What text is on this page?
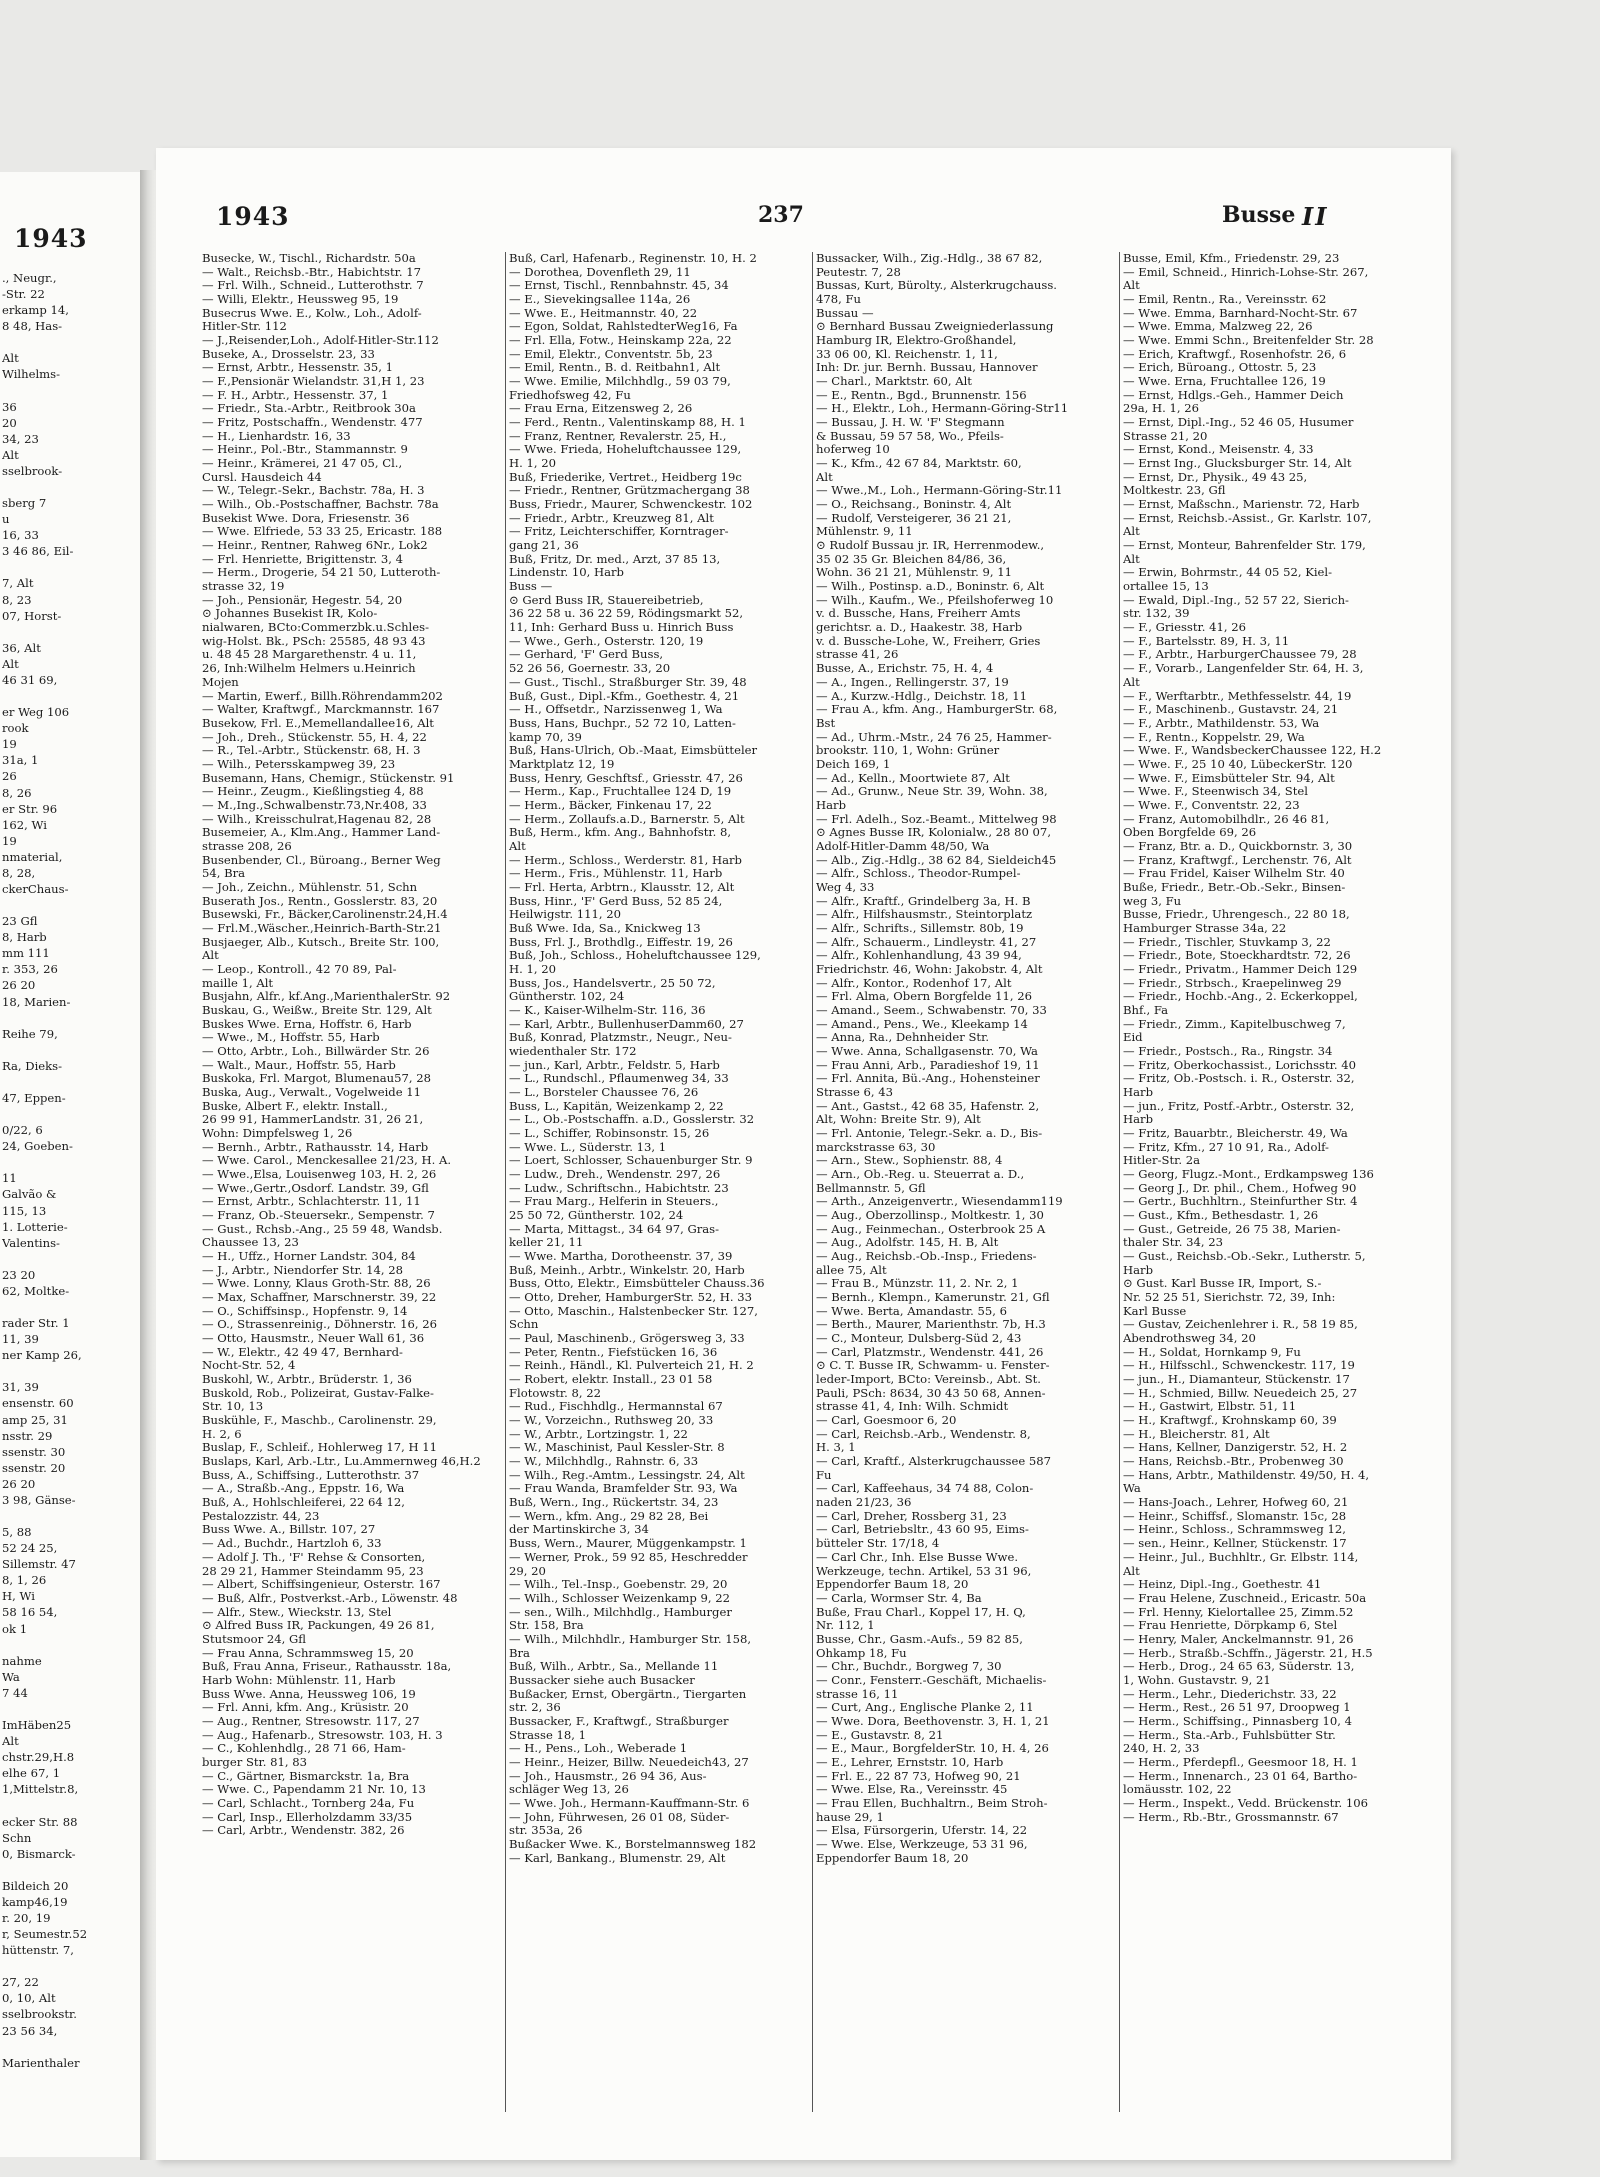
1943
., Neugr.,
-Str. 22
erkamp 14,
8 48, Has-
Alt
Wilhelms-
36
20
34, 23
Alt
sselbrook-
sberg 7
u
16, 33
3 46 86, Eil-
7, Alt
8, 23
07, Horst-
36, Alt
Alt
46 31 69,
er Weg 106
rook
19
31a, 1
26
8, 26
er Str. 96
162, Wi
19
nmaterial,
8, 28,
ckerChaus-
23 Gfl
8, Harb
mm 111
r. 353, 26
26 20
18, Marien-
Reihe 79,
Ra, Dieks-
47, Eppen-
0/22, 6
24, Goeben-
11
Galvão &
115, 13
1. Lotterie-
Valentins-
23 20
62, Moltke-
rader Str. 1
11, 39
ner Kamp 26,
31, 39
ensenstr. 60
amp 25, 31
nsstr. 29
ssenstr. 30
ssenstr. 20
26 20
3 98, Gänse-
5, 88
52 24 25,
Sillemstr. 47
8, 1, 26
H, Wi
58 16 54,
ok 1
nahme
Wa
7 44
ImHäben25
Alt
chstr.29,H.8
elhe 67, 1
1,Mittelstr.8,
ecker Str. 88
Schn
0, Bismarck-
Bildeich 20
kamp46,19
r. 20, 19
r, Seumestr.52
hüttenstr. 7,
27, 22
0, 10, Alt
sselbrookstr.
23 56 34,
Marienthaler
1943	237	Busse II
Busecke, W., Tischl., Richardstr. 50a
— Walt., Reichsb.-Btr., Habichtstr. 17
— Frl. Wilh., Schneid., Lutterothstr. 7
— Willi, Elektr., Heussweg 95, 19
Busecrus Wwe. E., Kolw., Loh., Adolf-
Hitler-Str. 112
— J.,Reisender,Loh., Adolf-Hitler-Str.112
Buseke, A., Drosselstr. 23, 33
— Ernst, Arbtr., Hessenstr. 35, 1
— F.,Pensionär Wielandstr. 31,H 1, 23
— F. H., Arbtr., Hessenstr. 37, 1
— Friedr., Sta.-Arbtr., Reitbrook 30a
— Fritz, Postschaffn., Wendenstr. 477
— H., Lienhardstr. 16, 33
— Heinr., Pol.-Btr., Stammannstr. 9
— Heinr., Krämerei, 21 47 05, Cl.,
Cursl. Hausdeich 44
— W., Telegr.-Sekr., Bachstr. 78a, H. 3
— Wilh., Ob.-Postschaffner, Bachstr. 78a
Busekist Wwe. Dora, Friesenstr. 36
— Wwe. Elfriede, 53 33 25, Ericastr. 188
— Heinr., Rentner, Rahweg 6Nr., Lok2
— Frl. Henriette, Brigittenstr. 3, 4
— Herm., Drogerie, 54 21 50, Lutteroth-
strasse 32, 19
— Joh., Pensionär, Hegestr. 54, 20
⊙ Johannes Busekist IR, Kolo-
nialwaren, BCto:Commerzbk.u.Schles-
wig-Holst. Bk., PSch: 25585, 48 93 43
u. 48 45 28 Margarethenstr. 4 u. 11,
26, Inh:Wilhelm Helmers u.Heinrich
Mojen
— Martin, Ewerf., Billh.Röhrendamm202
— Walter, Kraftwgf., Marckmannstr. 167
Busekow, Frl. E.,Memellandallee16, Alt
— Joh., Dreh., Stückenstr. 55, H. 4, 22
— R., Tel.-Arbtr., Stückenstr. 68, H. 3
— Wilh., Petersskampweg 39, 23
Busemann, Hans, Chemigr., Stückenstr. 91
— Heinr., Zeugm., Kießlingstieg 4, 88
— M.,Ing.,Schwalbenstr.73,Nr.408, 33
— Wilh., Kreisschulrat,Hagenau 82, 28
Busemeier, A., Klm.Ang., Hammer Land-
strasse 208, 26
Busenbender, Cl., Büroang., Berner Weg
54, Bra
— Joh., Zeichn., Mühlenstr. 51, Schn
Buserath Jos., Rentn., Gosslerstr. 83, 20
Busewski, Fr., Bäcker,Carolinenstr.24,H.4
— Frl.M.,Wäscher.,Heinrich-Barth-Str.21
Busjaeger, Alb., Kutsch., Breite Str. 100,
Alt
— Leop., Kontroll., 42 70 89, Pal-
maille 1, Alt
Busjahn, Alfr., kf.Ang.,MarienthalerStr. 92
Buskau, G., Weißw., Breite Str. 129, Alt
Buskes Wwe. Erna, Hoffstr. 6, Harb
— Wwe., M., Hoffstr. 55, Harb
— Otto, Arbtr., Loh., Billwärder Str. 26
— Walt., Maur., Hoffstr. 55, Harb
Buskoka, Frl. Margot, Blumenau57, 28
Buska, Aug., Verwalt., Vogelweide 11
Buske, Albert F., elektr. Install.,
26 99 91, HammerLandstr. 31, 26 21,
Wohn: Dimpfelsweg 1, 26
— Bernh., Arbtr., Rathausstr. 14, Harb
— Wwe. Carol., Menckesallee 21/23, H. A.
— Wwe.,Elsa, Louisenweg 103, H. 2, 26
— Wwe.,Gertr.,Osdorf. Landstr. 39, Gfl
— Ernst, Arbtr., Schlachterstr. 11, 11
— Franz, Ob.-Steuersekr., Sempenstr. 7
— Gust., Rchsb.-Ang., 25 59 48, Wandsb.
Chaussee 13, 23
— H., Uffz., Horner Landstr. 304, 84
— J., Arbtr., Niendorfer Str. 14, 28
— Wwe. Lonny, Klaus Groth-Str. 88, 26
— Max, Schaffner, Marschnerstr. 39, 22
— O., Schiffsinsp., Hopfenstr. 9, 14
— O., Strassenreinig., Döhnerstr. 16, 26
— Otto, Hausmstr., Neuer Wall 61, 36
— W., Elektr., 42 49 47, Bernhard-
Nocht-Str. 52, 4
Buskohl, W., Arbtr., Brüderstr. 1, 36
Buskold, Rob., Polizeirat, Gustav-Falke-
Str. 10, 13
Buskühle, F., Maschb., Carolinenstr. 29,
H. 2, 6
Buslap, F., Schleif., Hohlerweg 17, H 11
Buslaps, Karl, Arb.-Ltr., Lu.Ammernweg 46,H.2
Buss, A., Schiffsing., Lutterothstr. 37
— A., Straßb.-Ang., Eppstr. 16, Wa
Buß, A., Hohlschleiferei, 22 64 12,
Pestalozzistr. 44, 23
Buss Wwe. A., Billstr. 107, 27
— Ad., Buchdr., Hartzloh 6, 33
— Adolf J. Th., 'F' Rehse & Consorten,
28 29 21, Hammer Steindamm 95, 23
— Albert, Schiffsingenieur, Osterstr. 167
— Buß, Alfr., Postverkst.-Arb., Löwenstr. 48
— Alfr., Stew., Wieckstr. 13, Stel
⊙ Alfred Buss IR, Packungen, 49 26 81,
Stutsmoor 24, Gfl
— Frau Anna, Schrammsweg 15, 20
Buß, Frau Anna, Friseur., Rathausstr. 18a,
Harb Wohn: Mühlenstr. 11, Harb
Buss Wwe. Anna, Heussweg 106, 19
— Frl. Anni, kfm. Ang., Krüsistr. 20
— Aug., Rentner, Stresowstr. 117, 27
— Aug., Hafenarb., Stresowstr. 103, H. 3
— C., Kohlenhdlg., 28 71 66, Ham-
burger Str. 81, 83
— C., Gärtner, Bismarckstr. 1a, Bra
— Wwe. C., Papendamm 21 Nr. 10, 13
— Carl, Schlacht., Tornberg 24a, Fu
— Carl, Insp., Ellerholzdamm 33/35
— Carl, Arbtr., Wendenstr. 382, 26
Buß, Carl, Hafenarb., Reginenstr. 10, H. 2
— Dorothea, Dovenfleth 29, 11
— Ernst, Tischl., Rennbahnstr. 45, 34
— E., Sievekingsallee 114a, 26
— Wwe. E., Heitmannstr. 40, 22
— Egon, Soldat, RahlstedterWeg16, Fa
— Frl. Ella, Fotw., Heinskamp 22a, 22
— Emil, Elektr., Conventstr. 5b, 23
— Emil, Rentn., B. d. Reitbahn1, Alt
— Wwe. Emilie, Milchhdlg., 59 03 79,
Friedhofsweg 42, Fu
— Frau Erna, Eitzensweg 2, 26
— Ferd., Rentn., Valentinskamp 88, H. 1
— Franz, Rentner, Revalerstr. 25, H.,
— Wwe. Frieda, Hoheluftchaussee 129,
H. 1, 20
Buß, Friederike, Vertret., Heidberg 19c
— Friedr., Rentner, Grützmachergang 38
Buss, Friedr., Maurer, Schwenckestr. 102
— Friedr., Arbtr., Kreuzweg 81, Alt
— Fritz, Leichterschiffer, Korntrager-
gang 21, 36
Buß, Fritz, Dr. med., Arzt, 37 85 13,
Lindenstr. 10, Harb
Buss —
⊙ Gerd Buss IR, Stauereibetrieb,
36 22 58 u. 36 22 59, Rödingsmarkt 52,
11, Inh: Gerhard Buss u. Hinrich Buss
— Wwe., Gerh., Osterstr. 120, 19
— Gerhard, 'F' Gerd Buss,
52 26 56, Goernestr. 33, 20
— Gust., Tischl., Straßburger Str. 39, 48
Buß, Gust., Dipl.-Kfm., Goethestr. 4, 21
— H., Offsetdr., Narzissenweg 1, Wa
Buss, Hans, Buchpr., 52 72 10, Latten-
kamp 70, 39
Buß, Hans-Ulrich, Ob.-Maat, Eimsbütteler
Marktplatz 12, 19
Buss, Henry, Geschftsf., Griesstr. 47, 26
— Herm., Kap., Fruchtallee 124 D, 19
— Herm., Bäcker, Finkenau 17, 22
— Herm., Zollaufs.a.D., Barnerstr. 5, Alt
Buß, Herm., kfm. Ang., Bahnhofstr. 8,
Alt
— Herm., Schloss., Werderstr. 81, Harb
— Herm., Fris., Mühlenstr. 11, Harb
— Frl. Herta, Arbtrn., Klausstr. 12, Alt
Buss, Hinr., 'F' Gerd Buss, 52 85 24,
Heilwigstr. 111, 20
Buß Wwe. Ida, Sa., Knickweg 13
Buss, Frl. J., Brothdlg., Eiffestr. 19, 26
Buß, Joh., Schloss., Hoheluftchaussee 129,
H. 1, 20
Buss, Jos., Handelsvertr., 25 50 72,
Güntherstr. 102, 24
— K., Kaiser-Wilhelm-Str. 116, 36
— Karl, Arbtr., BullenhuserDamm60, 27
Buß, Konrad, Platzmstr., Neugr., Neu-
wiedenthaler Str. 172
— jun., Karl, Arbtr., Feldstr. 5, Harb
— L., Rundschl., Pflaumenweg 34, 33
— L., Borsteler Chaussee 76, 26
Buss, L., Kapitän, Weizenkamp 2, 22
— L., Ob.-Postschaffn. a.D., Gosslerstr. 32
— L., Schiffer, Robinsonstr. 15, 26
— Wwe. L., Süderstr. 13, 1
— Loert, Schlosser, Schauenburger Str. 9
— Ludw., Dreh., Wendenstr. 297, 26
— Ludw., Schriftschn., Habichtstr. 23
— Frau Marg., Helferin in Steuers.,
25 50 72, Güntherstr. 102, 24
— Marta, Mittagst., 34 64 97, Gras-
keller 21, 11
— Wwe. Martha, Dorotheenstr. 37, 39
Buß, Meinh., Arbtr., Winkelstr. 20, Harb
Buss, Otto, Elektr., Eimsbütteler Chauss.36
— Otto, Dreher, HamburgerStr. 52, H. 33
— Otto, Maschin., Halstenbecker Str. 127,
Schn
— Paul, Maschinenb., Grögersweg 3, 33
— Peter, Rentn., Fiefstücken 16, 36
— Reinh., Händl., Kl. Pulverteich 21, H. 2
— Robert, elektr. Install., 23 01 58
Flotowstr. 8, 22
— Rud., Fischhdlg., Hermannstal 67
— W., Vorzeichn., Ruthsweg 20, 33
— W., Arbtr., Lortzingstr. 1, 22
— W., Maschinist, Paul Kessler-Str. 8
— W., Milchhdlg., Rahnstr. 6, 33
— Wilh., Reg.-Amtm., Lessingstr. 24, Alt
— Frau Wanda, Bramfelder Str. 93, Wa
Buß, Wern., Ing., Rückertstr. 34, 23
— Wern., kfm. Ang., 29 82 28, Bei
der Martinskirche 3, 34
Buss, Wern., Maurer, Müggenkampstr. 1
— Werner, Prok., 59 92 85, Heschredder
29, 20
— Wilh., Tel.-Insp., Goebenstr. 29, 20
— Wilh., Schlosser Weizenkamp 9, 22
— sen., Wilh., Milchhdlg., Hamburger
Str. 158, Bra
— Wilh., Milchhdlr., Hamburger Str. 158,
Bra
Buß, Wilh., Arbtr., Sa., Mellande 11
Bussacker siehe auch Busacker
Bußacker, Ernst, Obergärtn., Tiergarten
str. 2, 36
Bussacker, F., Kraftwgf., Straßburger
Strasse 18, 1
— H., Pens., Loh., Weberade 1
— Heinr., Heizer, Billw. Neuedeich43, 27
— Joh., Hausmstr., 26 94 36, Aus-
schläger Weg 13, 26
— Wwe. Joh., Hermann-Kauffmann-Str. 6
— John, Führwesen, 26 01 08, Süder-
str. 353a, 26
Bußacker Wwe. K., Borstelmannsweg 182
— Karl, Bankang., Blumenstr. 29, Alt
Bussacker, Wilh., Zig.-Hdlg., 38 67 82,
Peutestr. 7, 28
Bussas, Kurt, Bürolty., Alsterkrugchauss.
478, Fu
Bussau —
⊙ Bernhard Bussau Zweigniederlassung
Hamburg IR, Elektro-Großhandel,
33 06 00, Kl. Reichenstr. 1, 11,
Inh: Dr. jur. Bernh. Bussau, Hannover
— Charl., Marktstr. 60, Alt
— E., Rentn., Bgd., Brunnenstr. 156
— H., Elektr., Loh., Hermann-Göring-Str11
— Bussau, J. H. W. 'F' Stegmann
& Bussau, 59 57 58, Wo., Pfeils-
hoferweg 10
— K., Kfm., 42 67 84, Marktstr. 60,
Alt
— Wwe.,M., Loh., Hermann-Göring-Str.11
— O., Reichsang., Boninstr. 4, Alt
— Rudolf, Versteigerer, 36 21 21,
Mühlenstr. 9, 11
⊙ Rudolf Bussau jr. IR, Herrenmodew.,
35 02 35 Gr. Bleichen 84/86, 36,
Wohn. 36 21 21, Mühlenstr. 9, 11
— Wilh., Postinsp. a.D., Boninstr. 6, Alt
— Wilh., Kaufm., We., Pfeilshoferweg 10
v. d. Bussche, Hans, Freiherr Amts
gerichtsr. a. D., Haakestr. 38, Harb
v. d. Bussche-Lohe, W., Freiherr, Gries
strasse 41, 26
Busse, A., Erichstr. 75, H. 4, 4
— A., Ingen., Rellingerstr. 37, 19
— A., Kurzw.-Hdlg., Deichstr. 18, 11
— Frau A., kfm. Ang., HamburgerStr. 68,
Bst
— Ad., Uhrm.-Mstr., 24 76 25, Hammer-
brookstr. 110, 1, Wohn: Grüner
Deich 169, 1
— Ad., Kelln., Moortwiete 87, Alt
— Ad., Grunw., Neue Str. 39, Wohn. 38,
Harb
— Frl. Adelh., Soz.-Beamt., Mittelweg 98
⊙ Agnes Busse IR, Kolonialw., 28 80 07,
Adolf-Hitler-Damm 48/50, Wa
— Alb., Zig.-Hdlg., 38 62 84, Sieldeich45
— Alfr., Schloss., Theodor-Rumpel-
Weg 4, 33
— Alfr., Kraftf., Grindelberg 3a, H. B
— Alfr., Hilfshausmstr., Steintorplatz
— Alfr., Schrifts., Sillemstr. 80b, 19
— Alfr., Schauerm., Lindleystr. 41, 27
— Alfr., Kohlenhandlung, 43 39 94,
Friedrichstr. 46, Wohn: Jakobstr. 4, Alt
— Alfr., Kontor., Rodenhof 17, Alt
— Frl. Alma, Obern Borgfelde 11, 26
— Amand., Seem., Schwabenstr. 70, 33
— Amand., Pens., We., Kleekamp 14
— Anna, Ra., Dehnheider Str.
— Wwe. Anna, Schallgasenstr. 70, Wa
— Frau Anni, Arb., Paradieshof 19, 11
— Frl. Annita, Bü.-Ang., Hohensteiner
Strasse 6, 43
— Ant., Gastst., 42 68 35, Hafenstr. 2,
Alt, Wohn: Breite Str. 9), Alt
— Frl. Antonie, Telegr.-Sekr. a. D., Bis-
marckstrasse 63, 30
— Arn., Stew., Sophienstr. 88, 4
— Arn., Ob.-Reg. u. Steuerrat a. D.,
Bellmannstr. 5, Gfl
— Arth., Anzeigenvertr., Wiesendamm119
— Aug., Oberzollinsp., Moltkestr. 1, 30
— Aug., Feinmechan., Osterbrook 25 A
— Aug., Adolfstr. 145, H. B, Alt
— Aug., Reichsb.-Ob.-Insp., Friedens-
allee 75, Alt
— Frau B., Münzstr. 11, 2. Nr. 2, 1
— Bernh., Klempn., Kamerunstr. 21, Gfl
— Wwe. Berta, Amandastr. 55, 6
— Berth., Maurer, Marienthstr. 7b, H.3
— C., Monteur, Dulsberg-Süd 2, 43
— Carl, Platzmstr., Wendenstr. 441, 26
⊙ C. T. Busse IR, Schwamm- u. Fenster-
leder-Import, BCto: Vereinsb., Abt. St.
Pauli, PSch: 8634, 30 43 50 68, Annen-
strasse 41, 4, Inh: Wilh. Schmidt
— Carl, Goesmoor 6, 20
— Carl, Reichsb.-Arb., Wendenstr. 8,
H. 3, 1
— Carl, Kraftf., Alsterkrugchaussee 587
Fu
— Carl, Kaffeehaus, 34 74 88, Colon-
naden 21/23, 36
— Carl, Dreher, Rossberg 31, 23
— Carl, Betriebsltr., 43 60 95, Eims-
bütteler Str. 17/18, 4
— Carl Chr., Inh. Else Busse Wwe.
Werkzeuge, techn. Artikel, 53 31 96,
Eppendorfer Baum 18, 20
— Carla, Wormser Str. 4, Ba
Buße, Frau Charl., Koppel 17, H. Q,
Nr. 112, 1
Busse, Chr., Gasm.-Aufs., 59 82 85,
Ohkamp 18, Fu
— Chr., Buchdr., Borgweg 7, 30
— Conr., Fensterr.-Geschäft, Michaelis-
strasse 16, 11
— Curt, Ang., Englische Planke 2, 11
— Wwe. Dora, Beethovenstr. 3, H. 1, 21
— E., Gustavstr. 8, 21
— E., Maur., BorgfelderStr. 10, H. 4, 26
— E., Lehrer, Ernststr. 10, Harb
— Frl. E., 22 87 73, Hofweg 90, 21
— Wwe. Else, Ra., Vereinsstr. 45
— Frau Ellen, Buchhaltrn., Beim Stroh-
hause 29, 1
— Elsa, Fürsorgerin, Uferstr. 14, 22
— Wwe. Else, Werkzeuge, 53 31 96,
Eppendorfer Baum 18, 20
Busse, Emil, Kfm., Friedenstr. 29, 23
— Emil, Schneid., Hinrich-Lohse-Str. 267,
Alt
— Emil, Rentn., Ra., Vereinsstr. 62
— Wwe. Emma, Barnhard-Nocht-Str. 67
— Wwe. Emma, Malzweg 22, 26
— Wwe. Emmi Schn., Breitenfelder Str. 28
— Erich, Kraftwgf., Rosenhofstr. 26, 6
— Erich, Büroang., Ottostr. 5, 23
— Wwe. Erna, Fruchtallee 126, 19
— Ernst, Hdlgs.-Geh., Hammer Deich
29a, H. 1, 26
— Ernst, Dipl.-Ing., 52 46 05, Husumer
Strasse 21, 20
— Ernst, Kond., Meisenstr. 4, 33
— Ernst Ing., Glucksburger Str. 14, Alt
— Ernst, Dr., Physik., 49 43 25,
Moltkestr. 23, Gfl
— Ernst, Maßschn., Marienstr. 72, Harb
— Ernst, Reichsb.-Assist., Gr. Karlstr. 107,
Alt
— Ernst, Monteur, Bahrenfelder Str. 179,
Alt
— Erwin, Bohrmstr., 44 05 52, Kiel-
ortallee 15, 13
— Ewald, Dipl.-Ing., 52 57 22, Sierich-
str. 132, 39
— F., Griesstr. 41, 26
— F., Bartelsstr. 89, H. 3, 11
— F., Arbtr., HarburgerChaussee 79, 28
— F., Vorarb., Langenfelder Str. 64, H. 3,
Alt
— F., Werftarbtr., Methfesselstr. 44, 19
— F., Maschinenb., Gustavstr. 24, 21
— F., Arbtr., Mathildenstr. 53, Wa
— F., Rentn., Koppelstr. 29, Wa
— Wwe. F., WandsbeckerChaussee 122, H.2
— Wwe. F., 25 10 40, LübeckerStr. 120
— Wwe. F., Eimsbütteler Str. 94, Alt
— Wwe. F., Steenwisch 34, Stel
— Wwe. F., Conventstr. 22, 23
— Franz, Automobilhdlr., 26 46 81,
Oben Borgfelde 69, 26
— Franz, Btr. a. D., Quickbornstr. 3, 30
— Franz, Kraftwgf., Lerchenstr. 76, Alt
— Frau Fridel, Kaiser Wilhelm Str. 40
Buße, Friedr., Betr.-Ob.-Sekr., Binsen-
weg 3, Fu
Busse, Friedr., Uhrengesch., 22 80 18,
Hamburger Strasse 34a, 22
— Friedr., Tischler, Stuvkamp 3, 22
— Friedr., Bote, Stoeckhardtstr. 72, 26
— Friedr., Privatm., Hammer Deich 129
— Friedr., Strbsch., Kraepelinweg 29
— Friedr., Hochb.-Ang., 2. Eckerkoppel,
Bhf., Fa
— Friedr., Zimm., Kapitelbuschweg 7,
Eid
— Friedr., Postsch., Ra., Ringstr. 34
— Fritz, Oberkochassist., Lorichsstr. 40
— Fritz, Ob.-Postsch. i. R., Osterstr. 32,
Harb
— jun., Fritz, Postf.-Arbtr., Osterstr. 32,
Harb
— Fritz, Bauarbtr., Bleicherstr. 49, Wa
— Fritz, Kfm., 27 10 91, Ra., Adolf-
Hitler-Str. 2a
— Georg, Flugz.-Mont., Erdkampsweg 136
— Georg J., Dr. phil., Chem., Hofweg 90
— Gertr., Buchhltrn., Steinfurther Str. 4
— Gust., Kfm., Bethesdastr. 1, 26
— Gust., Getreide, 26 75 38, Marien-
thaler Str. 34, 23
— Gust., Reichsb.-Ob.-Sekr., Lutherstr. 5,
Harb
⊙ Gust. Karl Busse IR, Import, S.-
Nr. 52 25 51, Sierichstr. 72, 39, Inh:
Karl Busse
— Gustav, Zeichenlehrer i. R., 58 19 85,
Abendrothsweg 34, 20
— H., Soldat, Hornkamp 9, Fu
— H., Hilfsschl., Schwenckestr. 117, 19
— jun., H., Diamanteur, Stückenstr. 17
— H., Schmied, Billw. Neuedeich 25, 27
— H., Gastwirt, Elbstr. 51, 11
— H., Kraftwgf., Krohnskamp 60, 39
— H., Bleicherstr. 81, Alt
— Hans, Kellner, Danzigerstr. 52, H. 2
— Hans, Reichsb.-Btr., Probenweg 30
— Hans, Arbtr., Mathildenstr. 49/50, H. 4,
Wa
— Hans-Joach., Lehrer, Hofweg 60, 21
— Heinr., Schiffsf., Slomanstr. 15c, 28
— Heinr., Schloss., Schrammsweg 12,
— sen., Heinr., Kellner, Stückenstr. 17
— Heinr., Jul., Buchhltr., Gr. Elbstr. 114,
Alt
— Heinz, Dipl.-Ing., Goethestr. 41
— Frau Helene, Zuschneid., Ericastr. 50a
— Frl. Henny, Kielortallee 25, Zimm.52
— Frau Henriette, Dörpkamp 6, Stel
— Henry, Maler, Anckelmannstr. 91, 26
— Herb., Straßb.-Schffn., Jägerstr. 21, H.5
— Herb., Drog., 24 65 63, Süderstr. 13,
1, Wohn. Gustavstr. 9, 21
— Herm., Lehr., Diederichstr. 33, 22
— Herm., Rest., 26 51 97, Droopweg 1
— Herm., Schiffsing., Pinnasberg 10, 4
— Herm., Sta.-Arb., Fuhlsbütter Str.
240, H. 2, 33
— Herm., Pferdepfl., Geesmoor 18, H. 1
— Herm., Innenarch., 23 01 64, Bartho-
lomäusstr. 102, 22
— Herm., Inspekt., Vedd. Brückenstr. 106
— Herm., Rb.-Btr., Grossmannstr. 67
